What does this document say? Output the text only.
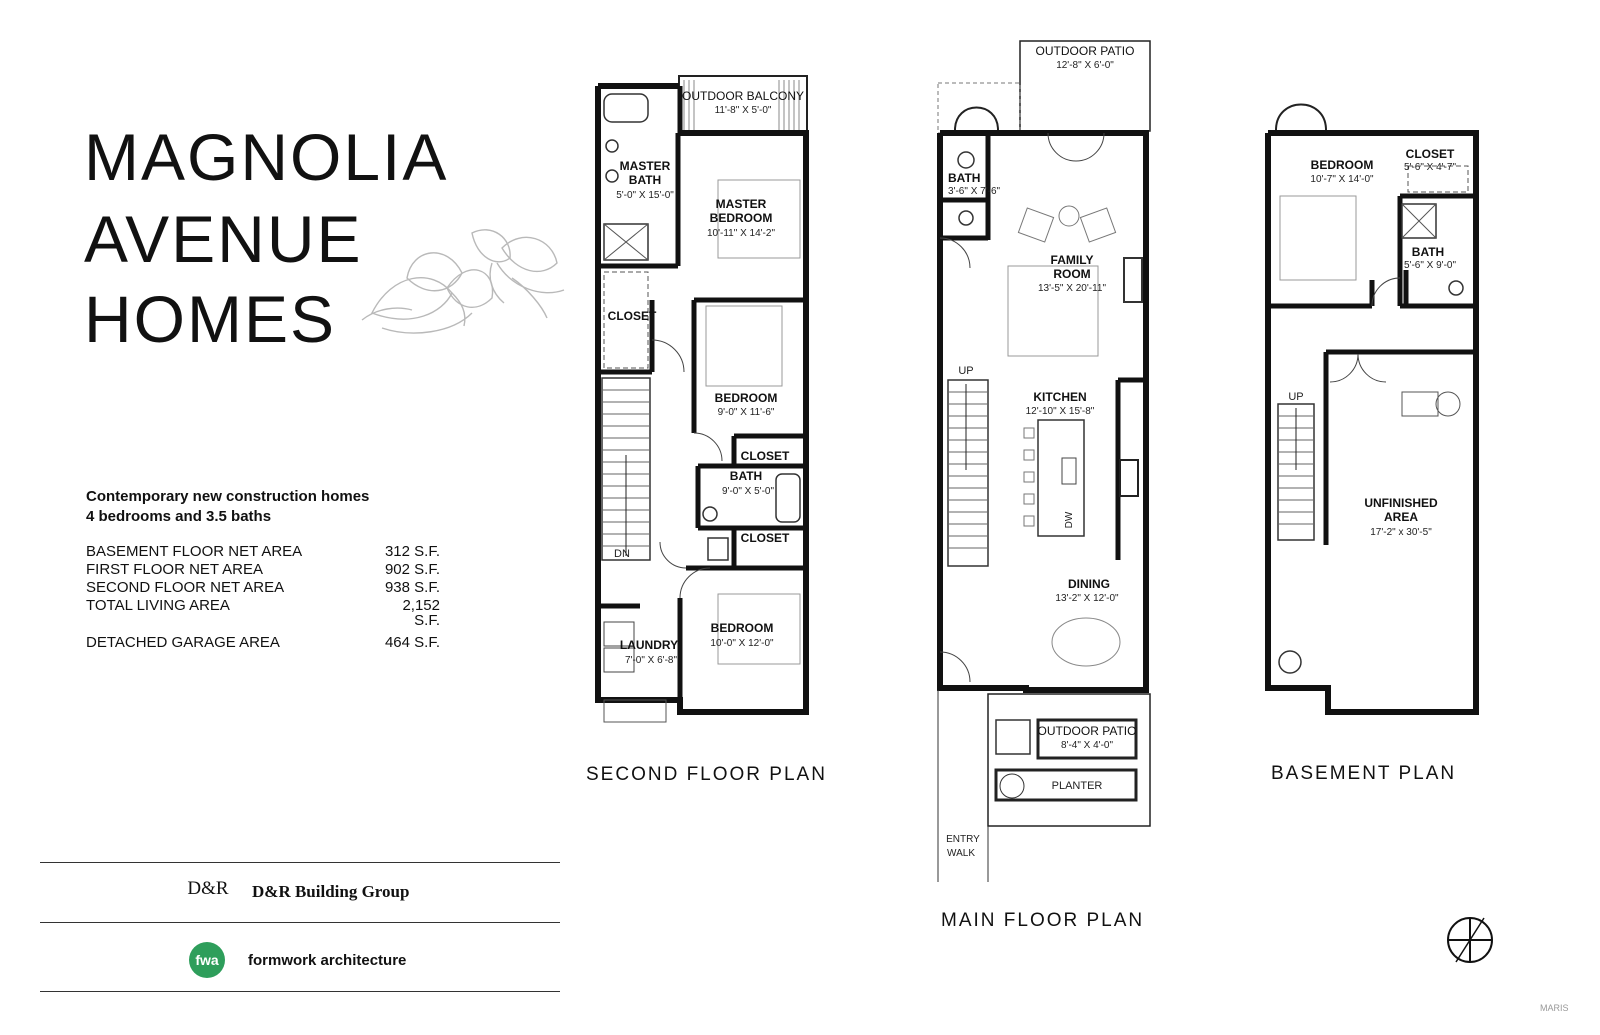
MAGNOLIA
AVENUE
HOMES
Contemporary new construction homes
4 bedrooms and 3.5 baths
BASEMENT FLOOR NET AREA	312 S.F.
FIRST FLOOR NET AREA	902 S.F.
SECOND FLOOR NET AREA	938 S.F.
TOTAL LIVING AREA	2,152 S.F.
DETACHED GARAGE AREA	464 S.F.
D&R D&R Building Group
fwa	formwork architecture
SECOND FLOOR PLAN
MAIN FLOOR PLAN
BASEMENT PLAN
MARIS
OUTDOOR BALCONY
11'-8" X 5'-0"
MASTER
BATH
5'-0" X 15'-0"
MASTER
BEDROOM
10'-11" X 14'-2"
CLOSET
BEDROOM
9'-0" X 11'-6"
CLOSET
BATH
9'-0" X 5'-0"
CLOSET
DN
LAUNDRY
7'-0" X 6'-8"
BEDROOM
10'-0" X 12'-0"
OUTDOOR PATIO
12'-8" X 6'-0"
BATH
3'-6" X 7'-6"
FAMILY
ROOM
13'-5" X 20'-11"
UP
KITCHEN
12'-10" X 15'-8"
DW
DINING
13'-2" X 12'-0"
OUTDOOR PATIO
8'-4" X 4'-0"
PLANTER
ENTRY
WALK
BEDROOM
10'-7" X 14'-0"
CLOSET
5'-6" X 4'-7"
BATH
5'-6" X 9'-0"
UP
UNFINISHED
AREA
17'-2" x 30'-5"
